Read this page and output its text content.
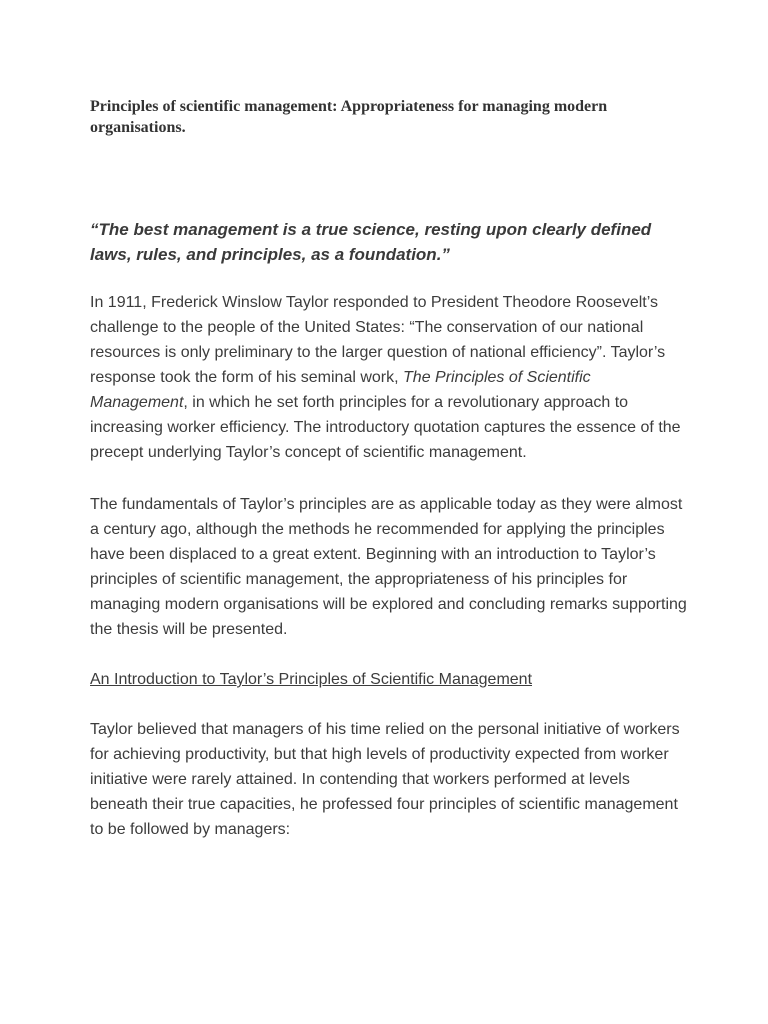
Principles of scientific management: Appropriateness for managing modern organisations.

“The best management is a true science, resting upon clearly defined laws, rules, and principles, as a foundation.”

In 1911, Frederick Winslow Taylor responded to President Theodore Roosevelt’s challenge to the people of the United States: “The conservation of our national resources is only preliminary to the larger question of national efficiency”. Taylor’s response took the form of his seminal work, The Principles of Scientific Management, in which he set forth principles for a revolutionary approach to increasing worker efficiency. The introductory quotation captures the essence of the precept underlying Taylor’s concept of scientific management.

The fundamentals of Taylor’s principles are as applicable today as they were almost a century ago, although the methods he recommended for applying the principles have been displaced to a great extent. Beginning with an introduction to Taylor’s principles of scientific management, the appropriateness of his principles for managing modern organisations will be explored and concluding remarks supporting the thesis will be presented.

An Introduction to Taylor’s Principles of Scientific Management

Taylor believed that managers of his time relied on the personal initiative of workers for achieving productivity, but that high levels of productivity expected from worker initiative were rarely attained. In contending that workers performed at levels beneath their true capacities, he professed four principles of scientific management to be followed by managers:
